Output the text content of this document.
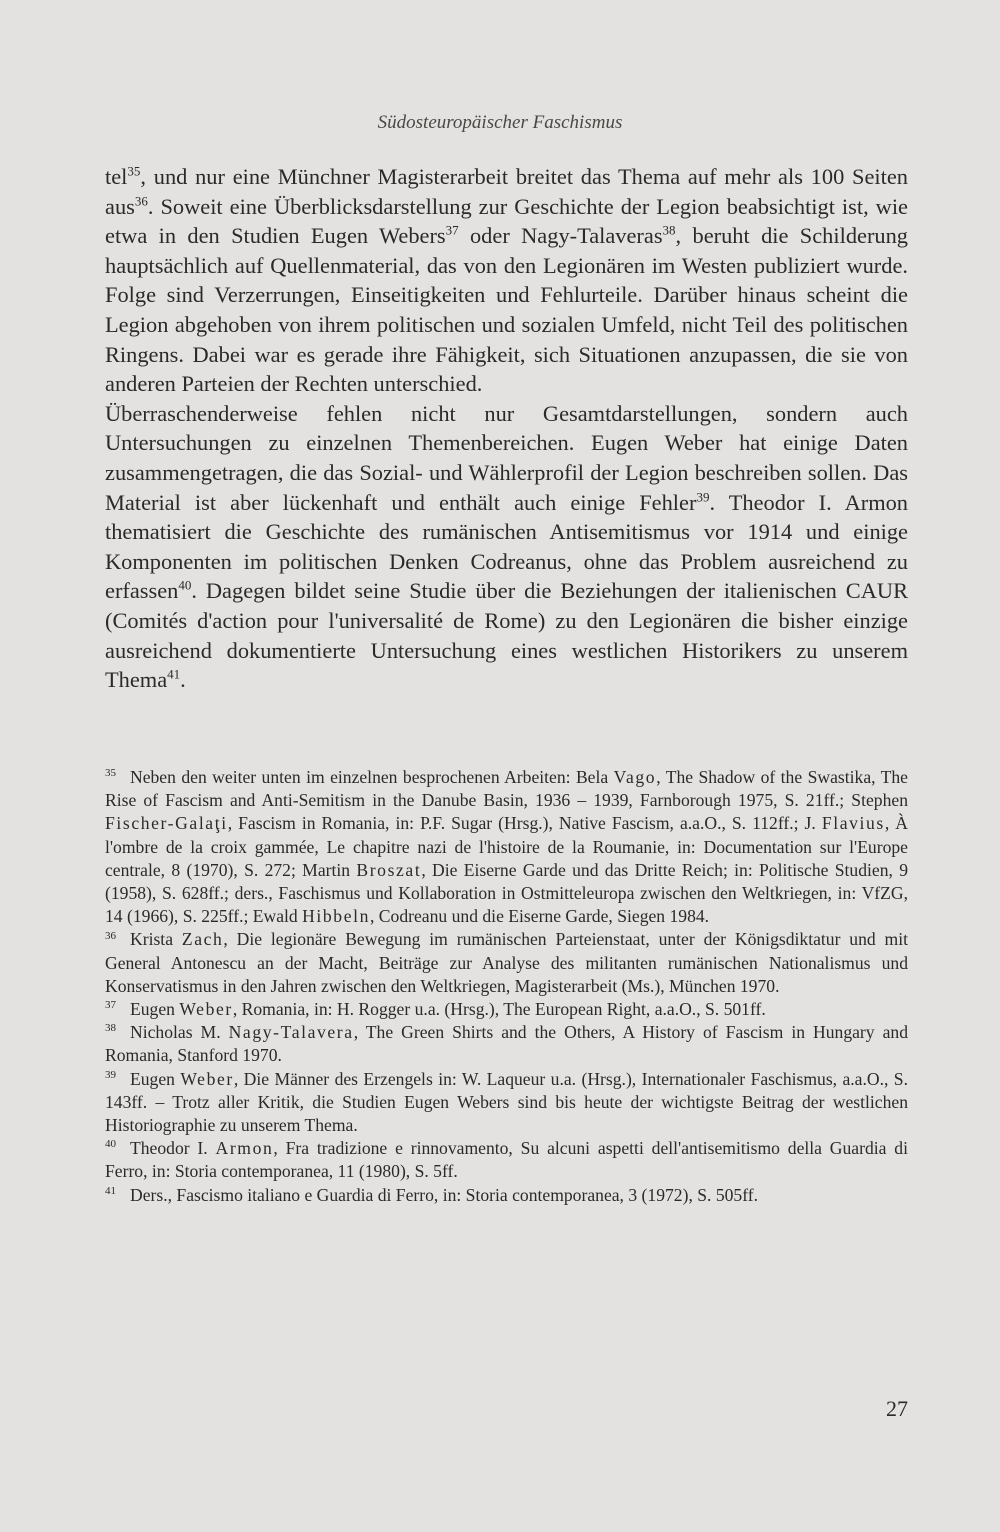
Südosteuropäischer Faschismus

tel$^{35}$, und nur eine Münchner Magisterarbeit breitet das Thema auf mehr als 100 Seiten aus$^{36}$. Soweit eine Überblicksdarstellung zur Geschichte der Legion beabsichtigt ist, wie etwa in den Studien Eugen Webers$^{37}$ oder Nagy-Talaveras$^{38}$, beruht die Schilderung hauptsächlich auf Quellenmaterial, das von den Legionären im Westen publiziert wurde. Folge sind Verzerrungen, Einseitigkeiten und Fehlurteile. Darüber hinaus scheint die Legion abgehoben von ihrem politischen und sozialen Umfeld, nicht Teil des politischen Ringens. Dabei war es gerade ihre Fähigkeit, sich Situationen anzupassen, die sie von anderen Parteien der Rechten unterschied.

Überraschenderweise fehlen nicht nur Gesamtdarstellungen, sondern auch Untersuchungen zu einzelnen Themenbereichen. Eugen Weber hat einige Daten zusammengetragen, die das Sozial- und Wählerprofil der Legion beschreiben sollen. Das Material ist aber lückenhaft und enthält auch einige Fehler$^{39}$. Theodor I. Armon thematisiert die Geschichte des rumänischen Antisemitismus vor 1914 und einige Komponenten im politischen Denken Codreanus, ohne das Problem ausreichend zu erfassen$^{40}$. Dagegen bildet seine Studie über die Beziehungen der italienischen CAUR (Comités d'action pour l'universalité de Rome) zu den Legionären die bisher einzige ausreichend dokumentierte Untersuchung eines westlichen Historikers zu unserem Thema$^{41}$.

$^{35}$ Neben den weiter unten im einzelnen besprochenen Arbeiten: Bela Vago, The Shadow of the Swastika, The Rise of Fascism and Anti-Semitism in the Danube Basin, 1936 – 1939, Farnborough 1975, S. 21ff.; Stephen Fischer-Galaţi, Fascism in Romania, in: P.F. Sugar (Hrsg.), Native Fascism, a.a.O., S. 112ff.; J. Flavius, À l'ombre de la croix gammée, Le chapitre nazi de l'histoire de la Roumanie, in: Documentation sur l'Europe centrale, 8 (1970), S. 272; Martin Broszat, Die Eiserne Garde und das Dritte Reich; in: Politische Studien, 9 (1958), S. 628ff.; ders., Faschismus und Kollaboration in Ostmitteleuropa zwischen den Weltkriegen, in: VfZG, 14 (1966), S. 225ff.; Ewald Hibbeln, Codreanu und die Eiserne Garde, Siegen 1984.

$^{36}$ Krista Zach, Die legionäre Bewegung im rumänischen Parteienstaat, unter der Königsdiktatur und mit General Antonescu an der Macht, Beiträge zur Analyse des militanten rumänischen Nationalismus und Konservatismus in den Jahren zwischen den Weltkriegen, Magisterarbeit (Ms.), München 1970.

$^{37}$ Eugen Weber, Romania, in: H. Rogger u.a. (Hrsg.), The European Right, a.a.O., S. 501ff.

$^{38}$ Nicholas M. Nagy-Talavera, The Green Shirts and the Others, A History of Fascism in Hungary and Romania, Stanford 1970.

$^{39}$ Eugen Weber, Die Männer des Erzengels in: W. Laqueur u.a. (Hrsg.), Internationaler Faschismus, a.a.O., S. 143ff. – Trotz aller Kritik, die Studien Eugen Webers sind bis heute der wichtigste Beitrag der westlichen Historiographie zu unserem Thema.

$^{40}$ Theodor I. Armon, Fra tradizione e rinnovamento, Su alcuni aspetti dell'antisemitismo della Guardia di Ferro, in: Storia contemporanea, 11 (1980), S. 5ff.

$^{41}$ Ders., Fascismo italiano e Guardia di Ferro, in: Storia contemporanea, 3 (1972), S. 505ff.

27
